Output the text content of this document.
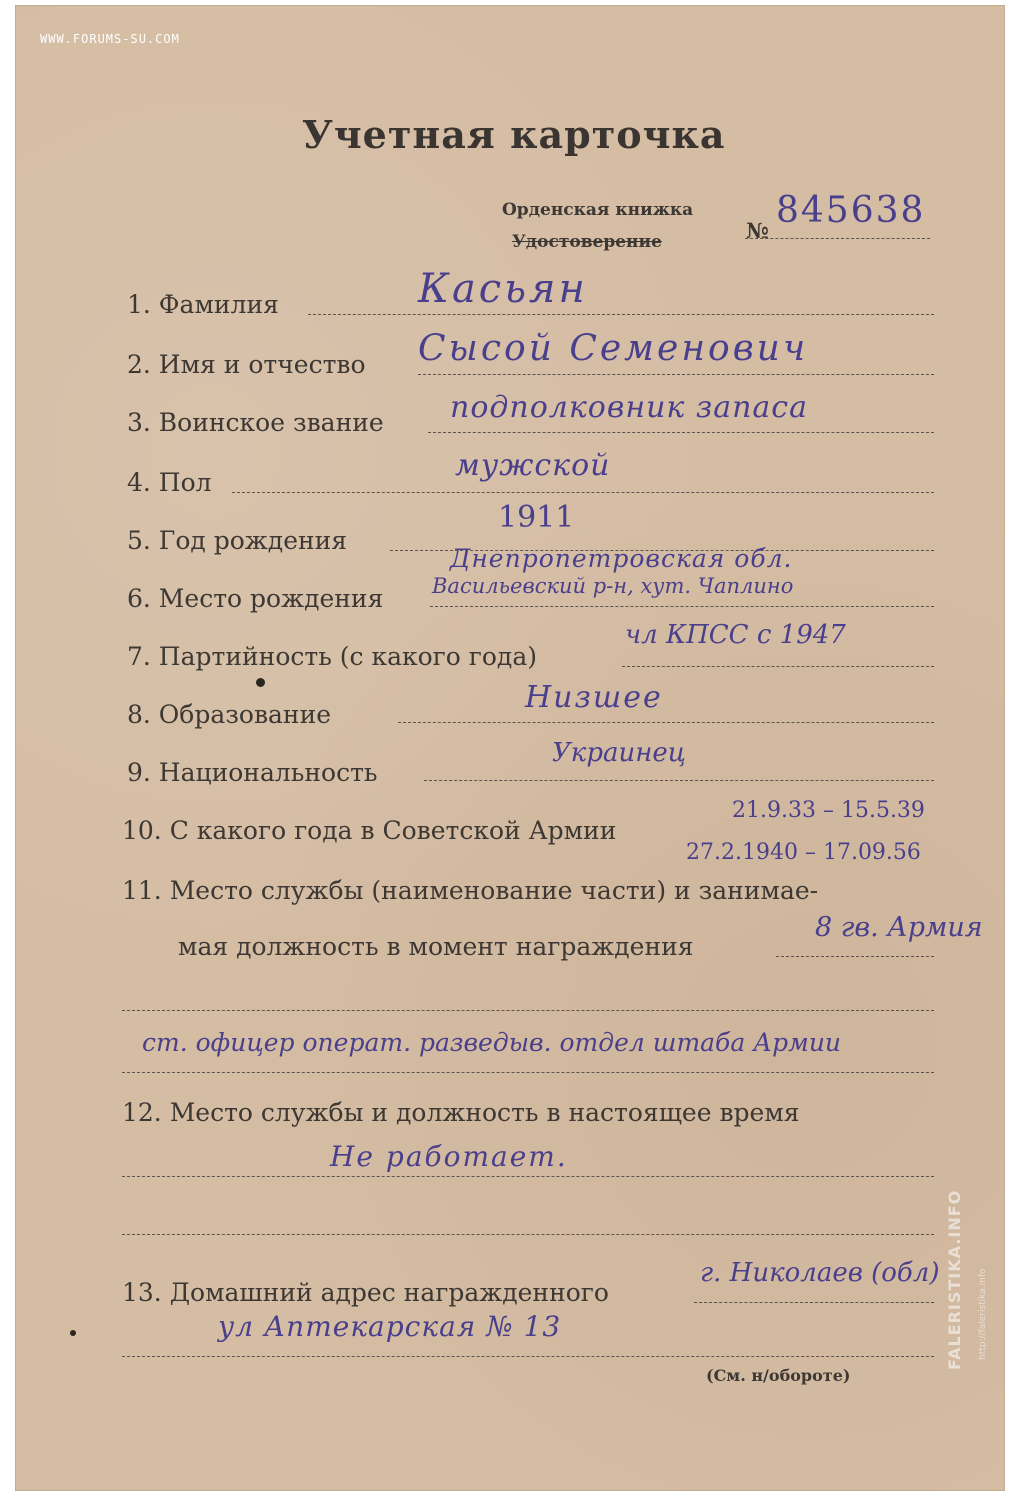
WWW.FORUMS-SU.COM
FALERISTIKA.INFO http://faleristika.info
Учетная карточка
Орденская книжка
Удостоверение	№ 845638
1. Фамилия	Касьян
2. Имя и отчество Сысой Семенович
3. Воинское звание подполковник запаса
4. Пол	мужской
5. Год рождения
1911
6. Место рождения
Днепропетровская обл.
Васильевский р-н, хут. Чаплино
7. Партийность (с какого года)
чл КПСС с 1947
8. Образование	Низшее
9. Национальность
Украинец
10. С какого года в Советской Армии
21.9.33 – 15.5.39
27.2.1940 – 17.09.56
11. Место службы (наименование части) и занимае-
мая должность в момент награждения
8 гв. Армия
ст. офицер операт. разведыв. отдел штаба Армии
12. Место службы и должность в настоящее время
Не работает.
13. Домашний адрес награжденного
г. Николаев (обл)
ул Аптекарская № 13
(См. н/обороте)
